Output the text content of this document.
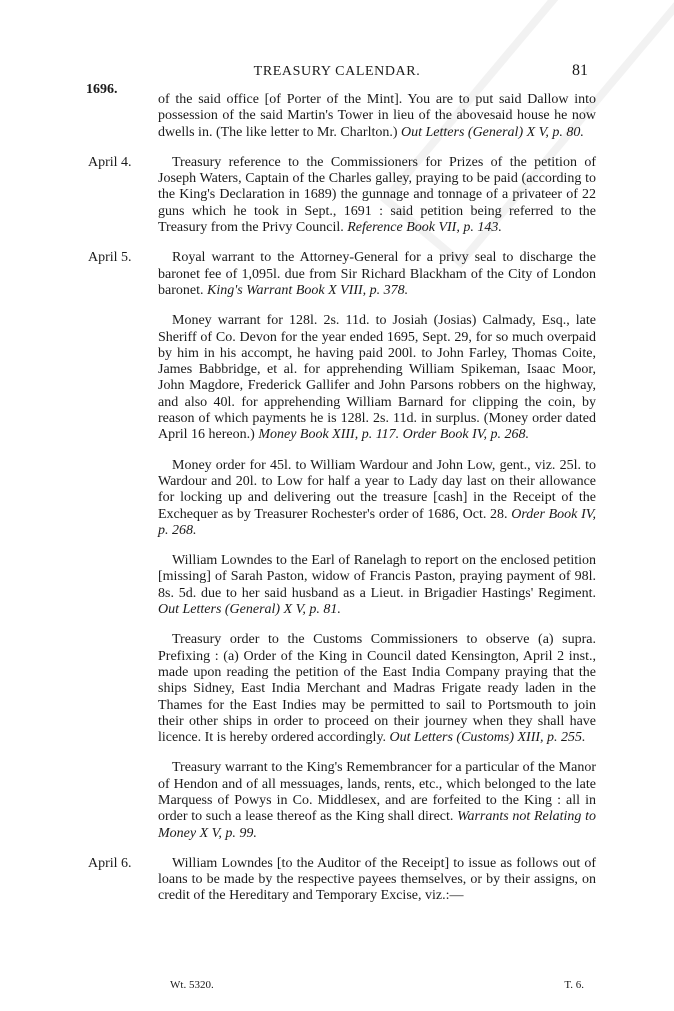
TREASURY CALENDAR.	81
1696.

of the said office [of Porter of the Mint]. You are to put said Dallow into possession of the said Martin's Tower in lieu of the abovesaid house he now dwells in. (The like letter to Mr. Charlton.) Out Letters (General) X V, p. 80.

April 4.	Treasury reference to the Commissioners for Prizes of the petition of Joseph Waters, Captain of the Charles galley, praying to be paid (according to the King's Declaration in 1689) the gunnage and tonnage of a privateer of 22 guns which he took in Sept., 1691 : said petition being referred to the Treasury from the Privy Council. Reference Book VII, p. 143.

April 5.	Royal warrant to the Attorney-General for a privy seal to discharge the baronet fee of 1,095l. due from Sir Richard Blackham of the City of London baronet. King's Warrant Book X VIII, p. 378.

Money warrant for 128l. 2s. 11d. to Josiah (Josias) Calmady, Esq., late Sheriff of Co. Devon for the year ended 1695, Sept. 29, for so much overpaid by him in his accompt, he having paid 200l. to John Farley, Thomas Coite, James Babbridge, et al. for apprehending William Spikeman, Isaac Moor, John Magdore, Frederick Gallifer and John Parsons robbers on the highway, and also 40l. for apprehending William Barnard for clipping the coin, by reason of which payments he is 128l. 2s. 11d. in surplus. (Money order dated April 16 hereon.) Money Book XIII, p. 117. Order Book IV, p. 268.

Money order for 45l. to William Wardour and John Low, gent., viz. 25l. to Wardour and 20l. to Low for half a year to Lady day last on their allowance for locking up and delivering out the treasure [cash] in the Receipt of the Exchequer as by Treasurer Rochester's order of 1686, Oct. 28. Order Book IV, p. 268.

William Lowndes to the Earl of Ranelagh to report on the enclosed petition [missing] of Sarah Paston, widow of Francis Paston, praying payment of 98l. 8s. 5d. due to her said husband as a Lieut. in Brigadier Hastings' Regiment. Out Letters (General) X V, p. 81.

Treasury order to the Customs Commissioners to observe (a) supra. Prefixing : (a) Order of the King in Council dated Kensington, April 2 inst., made upon reading the petition of the East India Company praying that the ships Sidney, East India Merchant and Madras Frigate ready laden in the Thames for the East Indies may be permitted to sail to Portsmouth to join their other ships in order to proceed on their journey when they shall have licence. It is hereby ordered accordingly. Out Letters (Customs) XIII, p. 255.

Treasury warrant to the King's Remembrancer for a particular of the Manor of Hendon and of all messuages, lands, rents, etc., which belonged to the late Marquess of Powys in Co. Middlesex, and are forfeited to the King : all in order to such a lease thereof as the King shall direct. Warrants not Relating to Money X V, p. 99.

April 6.	William Lowndes [to the Auditor of the Receipt] to issue as follows out of loans to be made by the respective payees themselves, or by their assigns, on credit of the Hereditary and Temporary Excise, viz.:—

Wt. 5320.	T. 6.
